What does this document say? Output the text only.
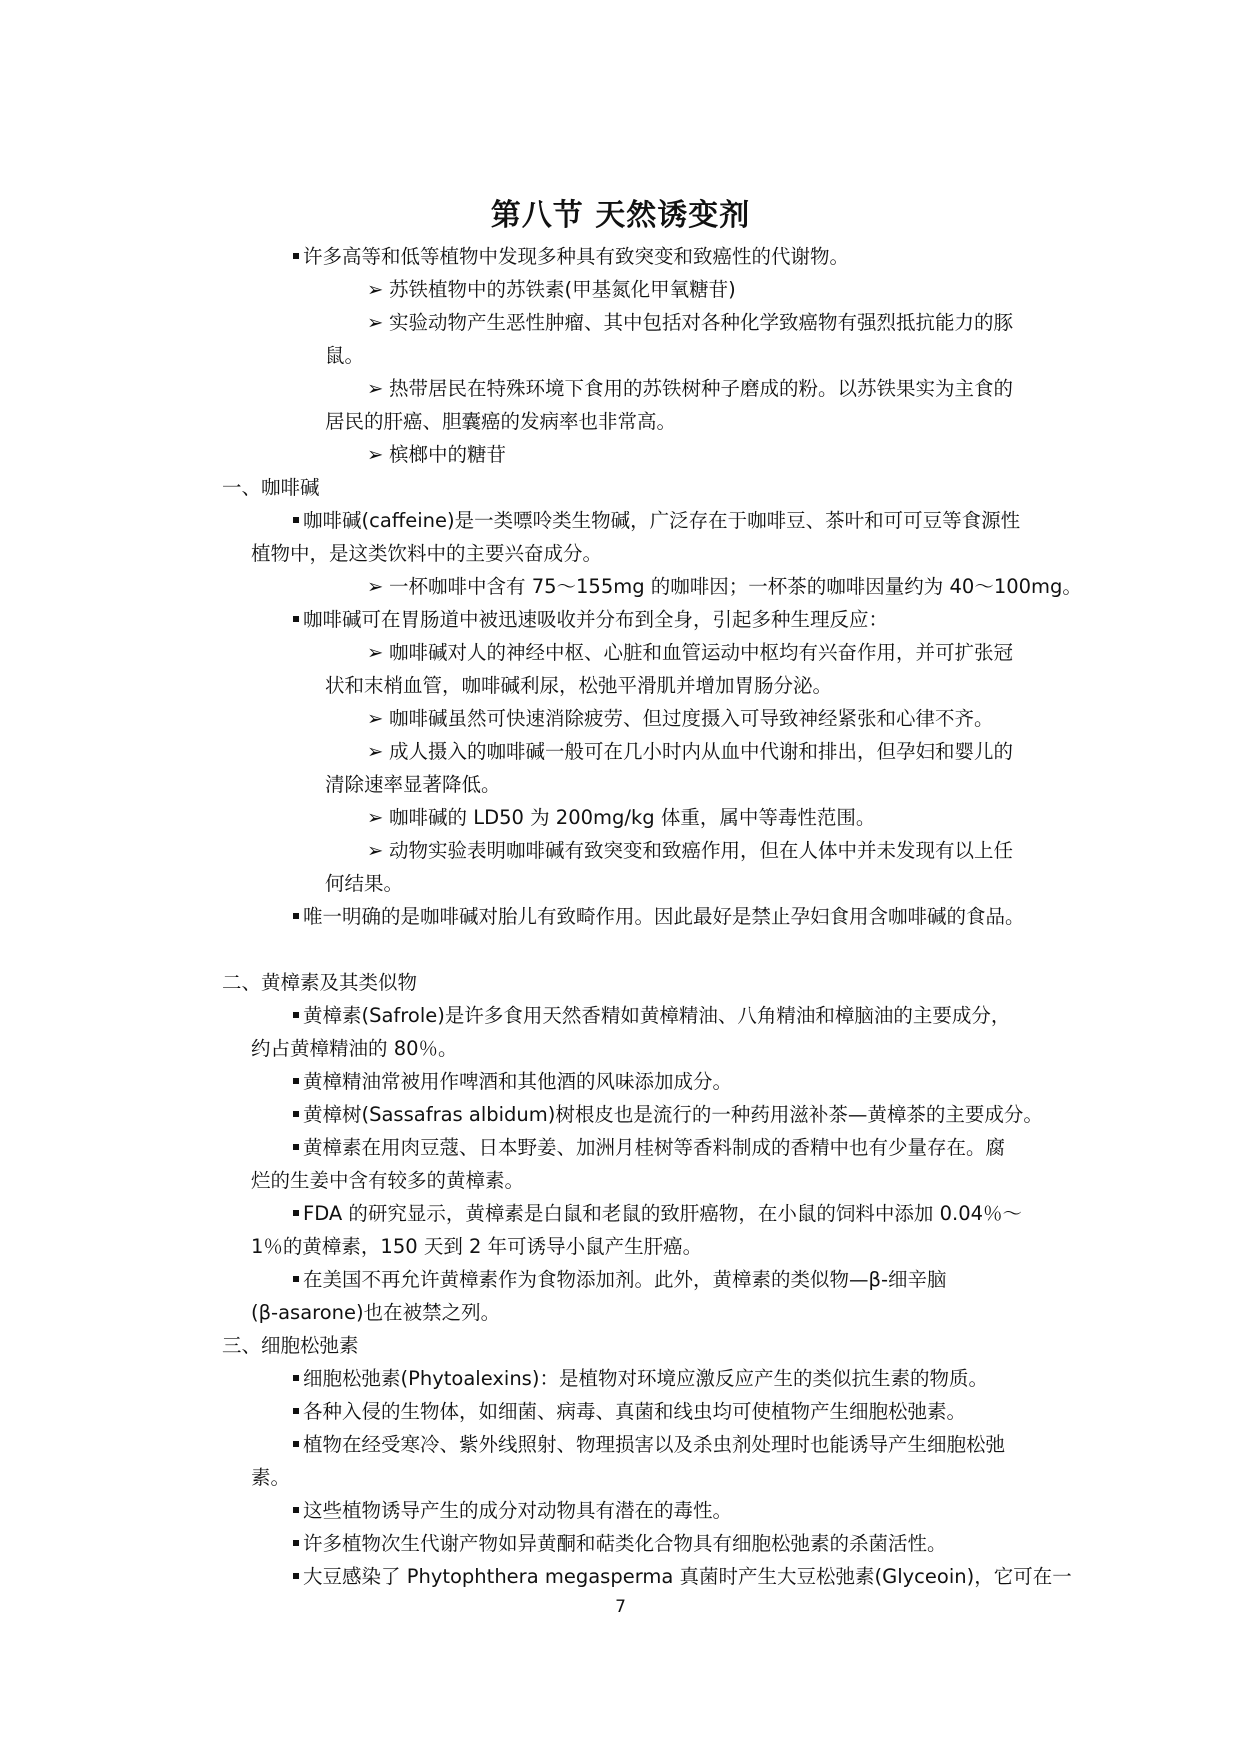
第八节 天然诱变剂
许多高等和低等植物中发现多种具有致突变和致癌性的代谢物。
➢ 苏铁植物中的苏铁素(甲基氮化甲氧糖苷)
➢ 实验动物产生恶性肿瘤、其中包括对各种化学致癌物有强烈抵抗能力的豚
鼠。
➢ 热带居民在特殊环境下食用的苏铁树种子磨成的粉。以苏铁果实为主食的
居民的肝癌、胆囊癌的发病率也非常高。
➢ 槟榔中的糖苷
一、咖啡碱
咖啡碱(caffeine)是一类嘌呤类生物碱，广泛存在于咖啡豆、茶叶和可可豆等食源性
植物中，是这类饮料中的主要兴奋成分。
➢ 一杯咖啡中含有 75～155mg 的咖啡因；一杯茶的咖啡因量约为 40～100mg。
咖啡碱可在胃肠道中被迅速吸收并分布到全身，引起多种生理反应：
➢ 咖啡碱对人的神经中枢、心脏和血管运动中枢均有兴奋作用，并可扩张冠
状和末梢血管，咖啡碱利尿，松弛平滑肌并增加胃肠分泌。
➢ 咖啡碱虽然可快速消除疲劳、但过度摄入可导致神经紧张和心律不齐。
➢ 成人摄入的咖啡碱一般可在几小时内从血中代谢和排出，但孕妇和婴儿的
清除速率显著降低。
➢ 咖啡碱的 LD50 为 200mg/kg 体重，属中等毒性范围。
➢ 动物实验表明咖啡碱有致突变和致癌作用，但在人体中并未发现有以上任
何结果。
唯一明确的是咖啡碱对胎儿有致畸作用。因此最好是禁止孕妇食用含咖啡碱的食品。
二、黄樟素及其类似物
黄樟素(Safrole)是许多食用天然香精如黄樟精油、八角精油和樟脑油的主要成分，
约占黄樟精油的 80％。
黄樟精油常被用作啤酒和其他酒的风味添加成分。
黄樟树(Sassafras albidum)树根皮也是流行的一种药用滋补茶—黄樟茶的主要成分。
黄樟素在用肉豆蔻、日本野姜、加洲月桂树等香料制成的香精中也有少量存在。腐
烂的生姜中含有较多的黄樟素。
FDA 的研究显示，黄樟素是白鼠和老鼠的致肝癌物，在小鼠的饲料中添加 0.04％～
1％的黄樟素，150 天到 2 年可诱导小鼠产生肝癌。
在美国不再允许黄樟素作为食物添加剂。此外，黄樟素的类似物—β-细辛脑
(β-asarone)也在被禁之列。
三、细胞松弛素
细胞松弛素(Phytoalexins)：是植物对环境应激反应产生的类似抗生素的物质。
各种入侵的生物体，如细菌、病毒、真菌和线虫均可使植物产生细胞松弛素。
植物在经受寒冷、紫外线照射、物理损害以及杀虫剂处理时也能诱导产生细胞松弛
素。
这些植物诱导产生的成分对动物具有潜在的毒性。
许多植物次生代谢产物如异黄酮和萜类化合物具有细胞松弛素的杀菌活性。
大豆感染了 Phytophthera megasperma 真菌时产生大豆松弛素(Glyceoin)，它可在一
7
